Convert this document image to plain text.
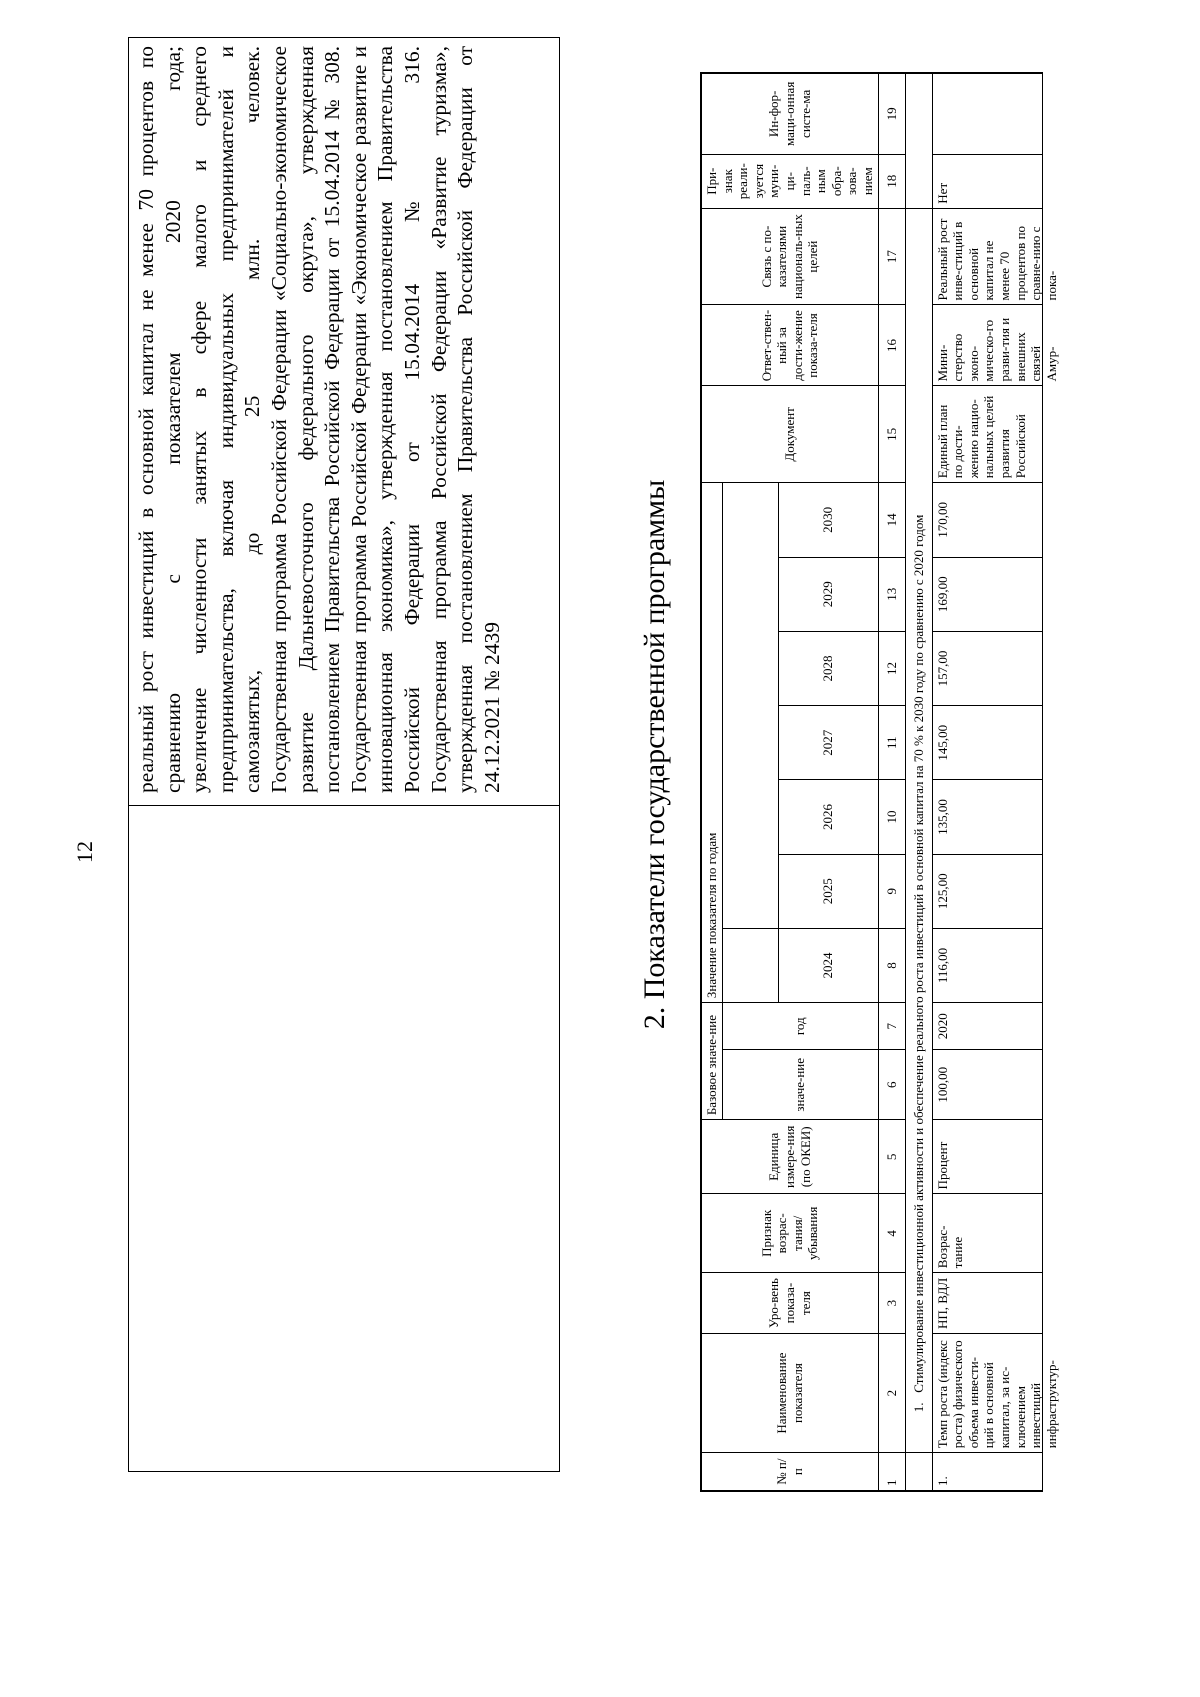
12

реальный рост инвестиций в основной капитал не менее 70 процентов по сравнению с показателем 2020 года; увеличение численности занятых в сфере малого и среднего предпринимательства, включая индивидуальных предпринимателей и самозанятых, до 25 млн. человек. Государственная программа Российской Федерации «Социально-экономическое развитие Дальневосточного федерального округа», утвержденная постановлением Правительства Российской Федерации от 15.04.2014 № 308. Государственная программа Российской Федерации «Экономическое развитие и инновационная экономика», утвержденная постановлением Правительства Российской Федерации от 15.04.2014 № 316. Государственная программа Российской Федерации «Развитие туризма», утвержденная постановлением Правительства Российской Федерации от 24.12.2021 № 2439	2. Показатели государственной программы
№ п/п	Наименование показателя	Уро-вень показа-теля	Признак возрас-тания/ убывания	Единица измере-ния (по ОКЕИ)	Базовое значе-ние		Значение показателя по годам							Документ	Ответ-ствен-ный за дости-жение показа-теля	Связь с по-казателями националь-ных целей	При-знак реали-зуется муни-ци-паль-ным обра-зова-нием	Ин-фор-маци-онная систе-ма
					значе-ние	год												
							2024	2025	2026	2027	2028	2029	2030					
1	2	3	4	5	6	7	8	9	10	11	12	13	14	15	16	17	18	19
	1.   Стимулирование инвестиционной активности и обеспечение реального роста инвестиций в основной капитал на 70 % к 2030 году по сравнению с 2020 годом																	
1.	Темп роста (индекс роста) физического объема инвести-ций в основной капитал, за ис-ключением инвестиций инфраструктур-	НП, ВДЛ	Возрас-тание	Процент	100,00	2020	116,00	125,00	135,00	145,00	157,00	169,00	170,00	Единый план по дости-жению нацио-нальных целей развития Российской	Мини-стерство эконо-мическо-го разви-тия и внешних связей Амур-	Реальный рост инве-стиций в основной капитал не менее 70 процентов по сравне-нию с пока-	Нет	
